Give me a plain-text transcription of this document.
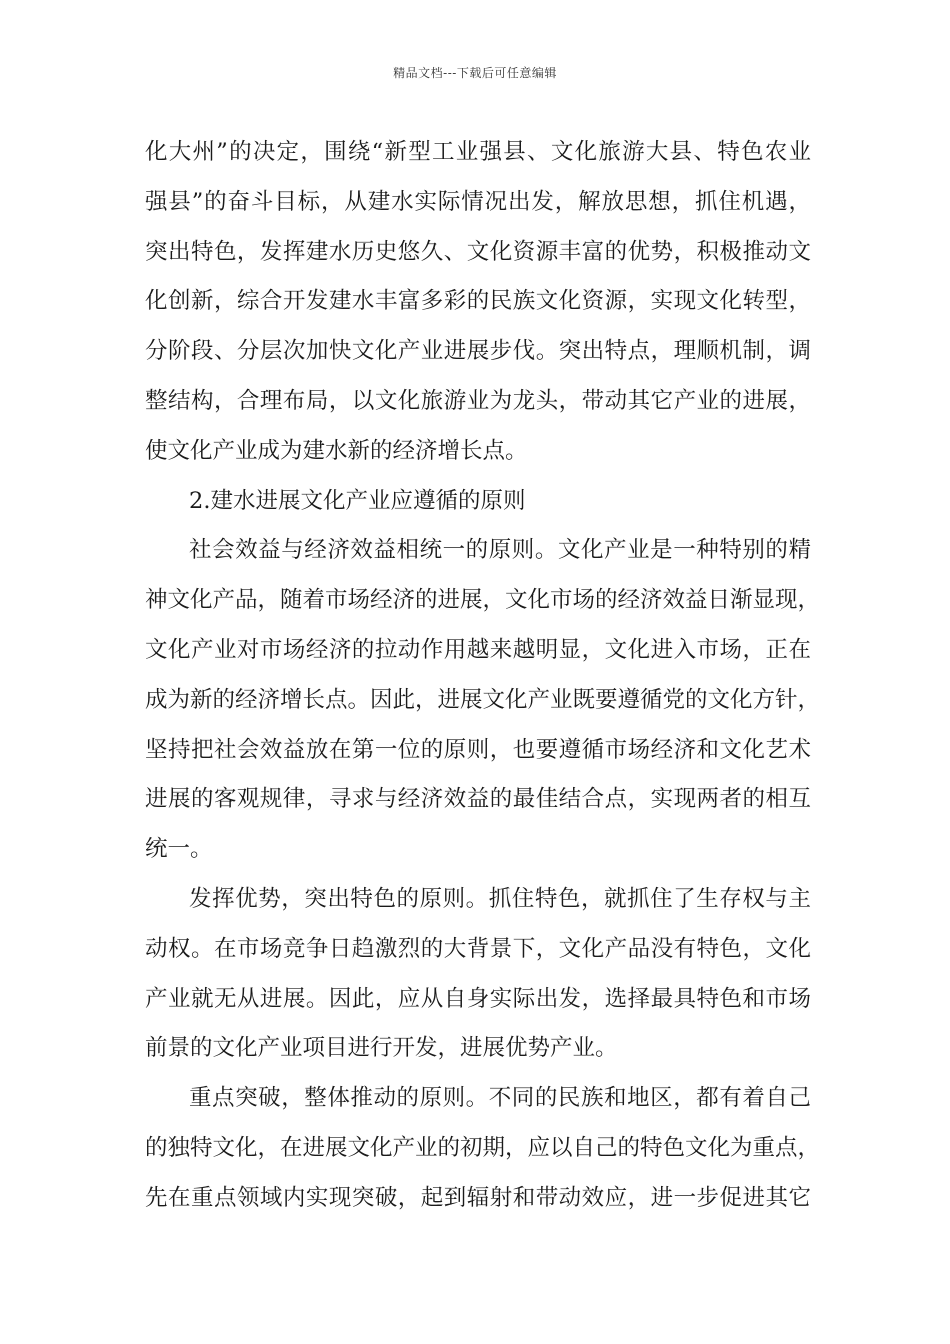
精品文档---下载后可任意编辑
化大州”的决定，围绕“新型工业强县、文化旅游大县、特色农业
强县”的奋斗目标，从建水实际情况出发，解放思想，抓住机遇，
突出特色，发挥建水历史悠久、文化资源丰富的优势，积极推动文
化创新，综合开发建水丰富多彩的民族文化资源，实现文化转型，
分阶段、分层次加快文化产业进展步伐。突出特点，理顺机制，调
整结构，合理布局，以文化旅游业为龙头，带动其它产业的进展，
使文化产业成为建水新的经济增长点。
2.建水进展文化产业应遵循的原则
社会效益与经济效益相统一的原则。文化产业是一种特别的精
神文化产品，随着市场经济的进展，文化市场的经济效益日渐显现，
文化产业对市场经济的拉动作用越来越明显，文化进入市场，正在
成为新的经济增长点。因此，进展文化产业既要遵循党的文化方针，
坚持把社会效益放在第一位的原则，也要遵循市场经济和文化艺术
进展的客观规律，寻求与经济效益的最佳结合点，实现两者的相互
统一。
发挥优势，突出特色的原则。抓住特色，就抓住了生存权与主
动权。在市场竞争日趋激烈的大背景下，文化产品没有特色，文化
产业就无从进展。因此，应从自身实际出发，选择最具特色和市场
前景的文化产业项目进行开发，进展优势产业。
重点突破，整体推动的原则。不同的民族和地区，都有着自己
的独特文化，在进展文化产业的初期，应以自己的特色文化为重点，
先在重点领域内实现突破，起到辐射和带动效应，进一步促进其它
